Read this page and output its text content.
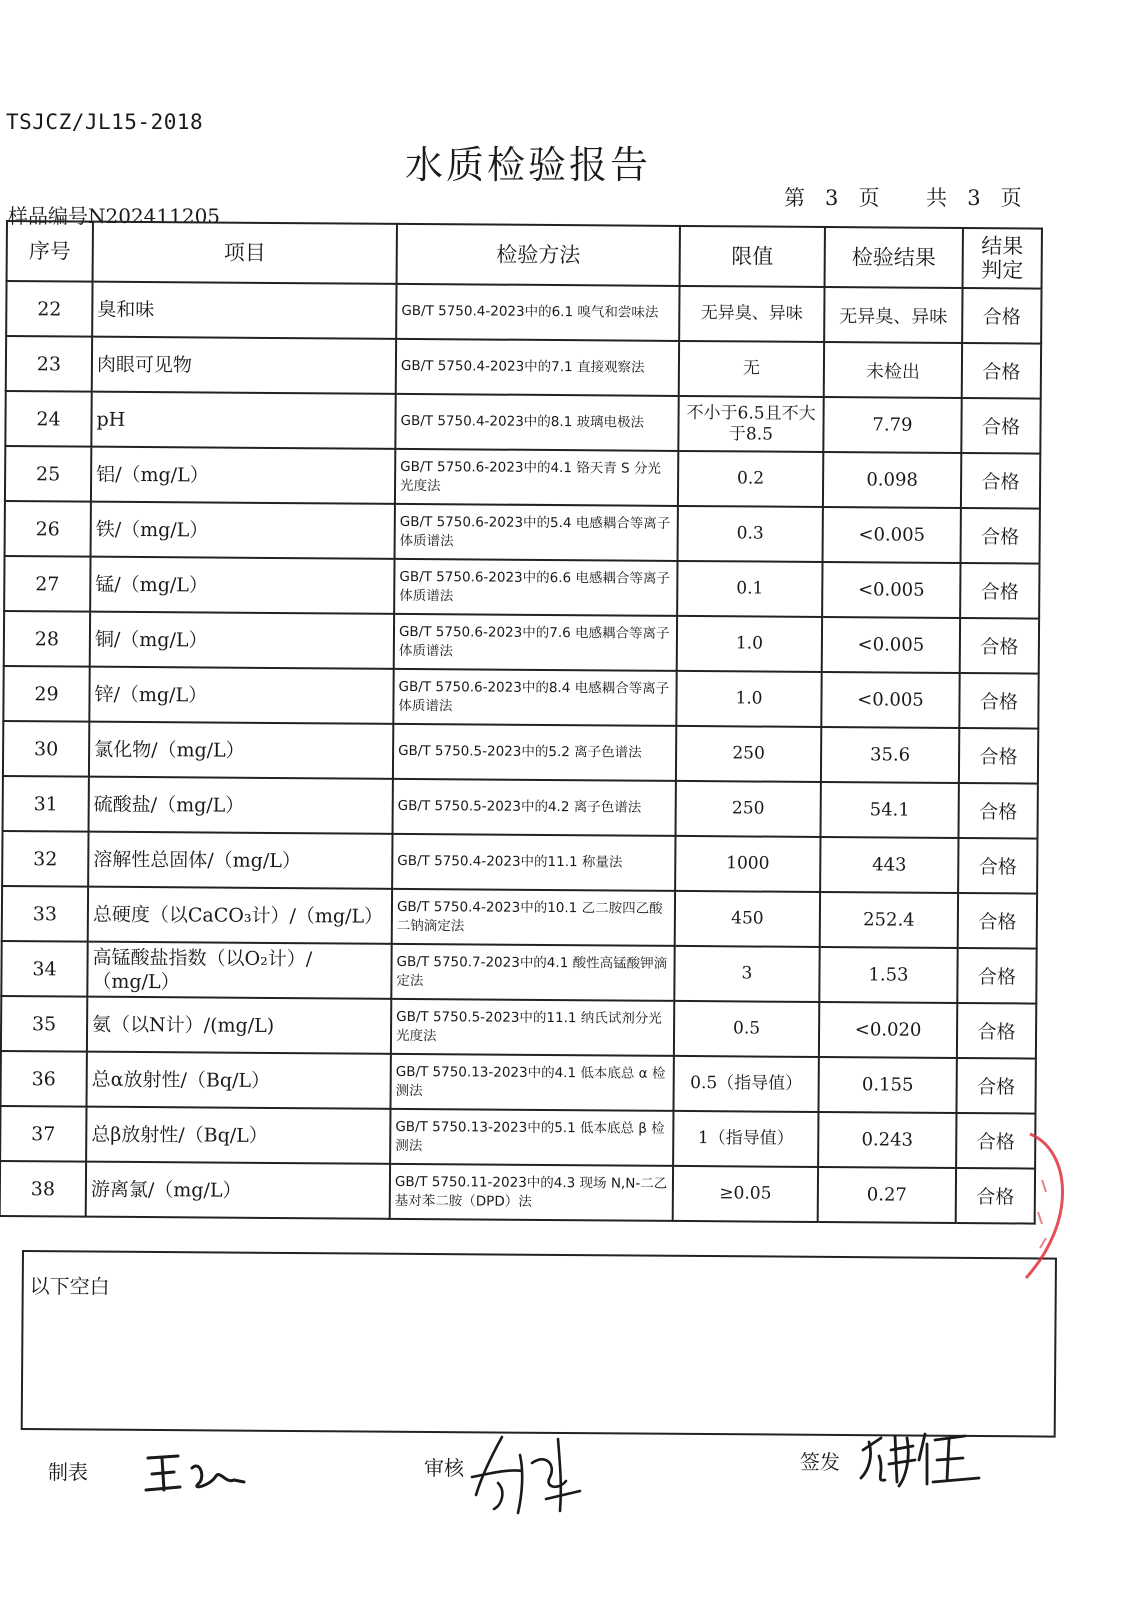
TSJCZ/JL15-2018
水质检验报告
第 3 页 共 3 页
样品编号N202411205
序号	项目	检验方法	限值	检验结果	结果
判定

22	臭和味	GB/T 5750.4-2023中的6.1 嗅气和尝味法	无异臭、异味	无异臭、异味	合格
23	肉眼可见物	GB/T 5750.4-2023中的7.1 直接观察法	无	未检出	合格
24	pH	GB/T 5750.4-2023中的8.1 玻璃电极法	不小于6.5且不大于8.5	7.79	合格
25	铝/（mg/L）	GB/T 5750.6-2023中的4.1 铬天青 S 分光光度法	0.2	0.098	合格
26	铁/（mg/L）	GB/T 5750.6-2023中的5.4 电感耦合等离子体质谱法	0.3	<0.005	合格
27	锰/（mg/L）	GB/T 5750.6-2023中的6.6 电感耦合等离子体质谱法	0.1	<0.005	合格
28	铜/（mg/L）	GB/T 5750.6-2023中的7.6 电感耦合等离子体质谱法	1.0	<0.005	合格
29	锌/（mg/L）	GB/T 5750.6-2023中的8.4 电感耦合等离子体质谱法	1.0	<0.005	合格
30	氯化物/（mg/L）	GB/T 5750.5-2023中的5.2 离子色谱法	250	35.6	合格
31	硫酸盐/（mg/L）	GB/T 5750.5-2023中的4.2 离子色谱法	250	54.1	合格
32	溶解性总固体/（mg/L）	GB/T 5750.4-2023中的11.1 称量法	1000	443	合格
33	总硬度（以CaCO₃计）/（mg/L）	GB/T 5750.4-2023中的10.1 乙二胺四乙酸二钠滴定法	450	252.4	合格
34	高锰酸盐指数（以O₂计）/（mg/L）	GB/T 5750.7-2023中的4.1 酸性高锰酸钾滴定法	3	1.53	合格
35	氨（以N计）/(mg/L)	GB/T 5750.5-2023中的11.1 纳氏试剂分光光度法	0.5	<0.020	合格
36	总α放射性/（Bq/L）	GB/T 5750.13-2023中的4.1 低本底总 α 检测法	0.5（指导值）	0.155	合格
37	总β放射性/（Bq/L）	GB/T 5750.13-2023中的5.1 低本底总 β 检测法	1（指导值）	0.243	合格
38	游离氯/（mg/L）	GB/T 5750.11-2023中的4.3 现场 N,N-二乙基对苯二胺（DPD）法	≥0.05	0.27	合格
以下空白
制表	审核	签发
